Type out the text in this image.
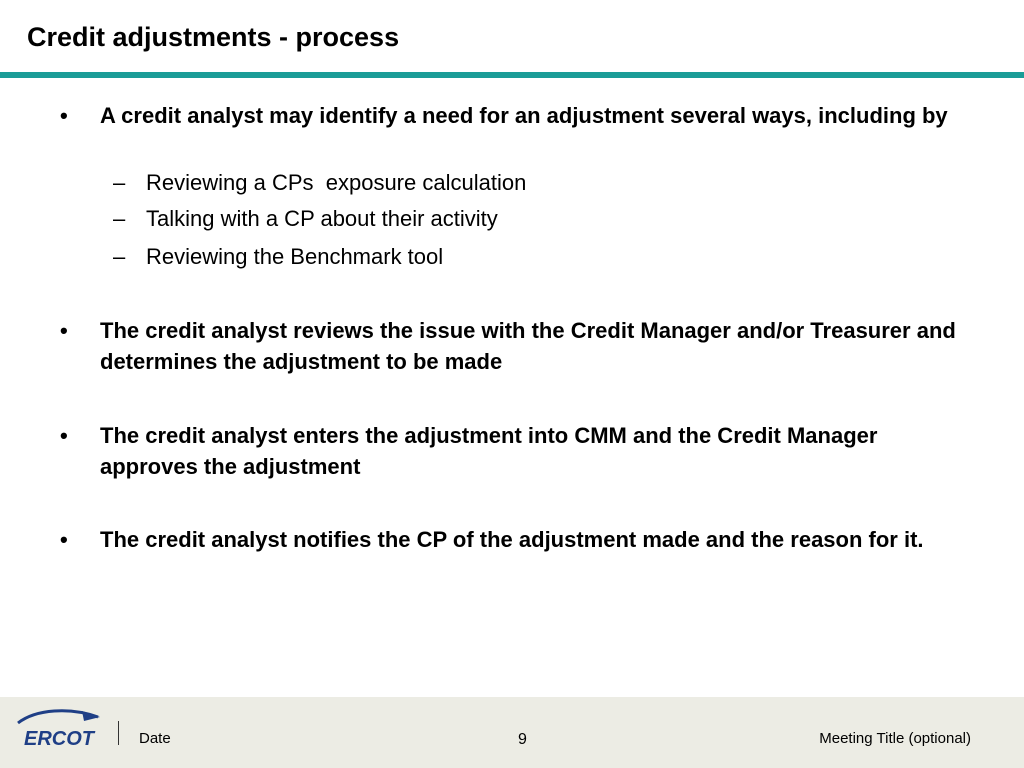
Credit adjustments - process
• A credit analyst may identify a need for an adjustment several ways, including by
– Reviewing a CPs  exposure calculation
– Talking with a CP about their activity
– Reviewing the Benchmark tool
• The credit analyst reviews the issue with the Credit Manager and/or Treasurer and determines the adjustment to be made
• The credit analyst enters the adjustment into CMM and the Credit Manager approves the adjustment
• The credit analyst notifies the CP of the adjustment made and the reason for it.
ERCOT	Date	9	Meeting Title (optional)
